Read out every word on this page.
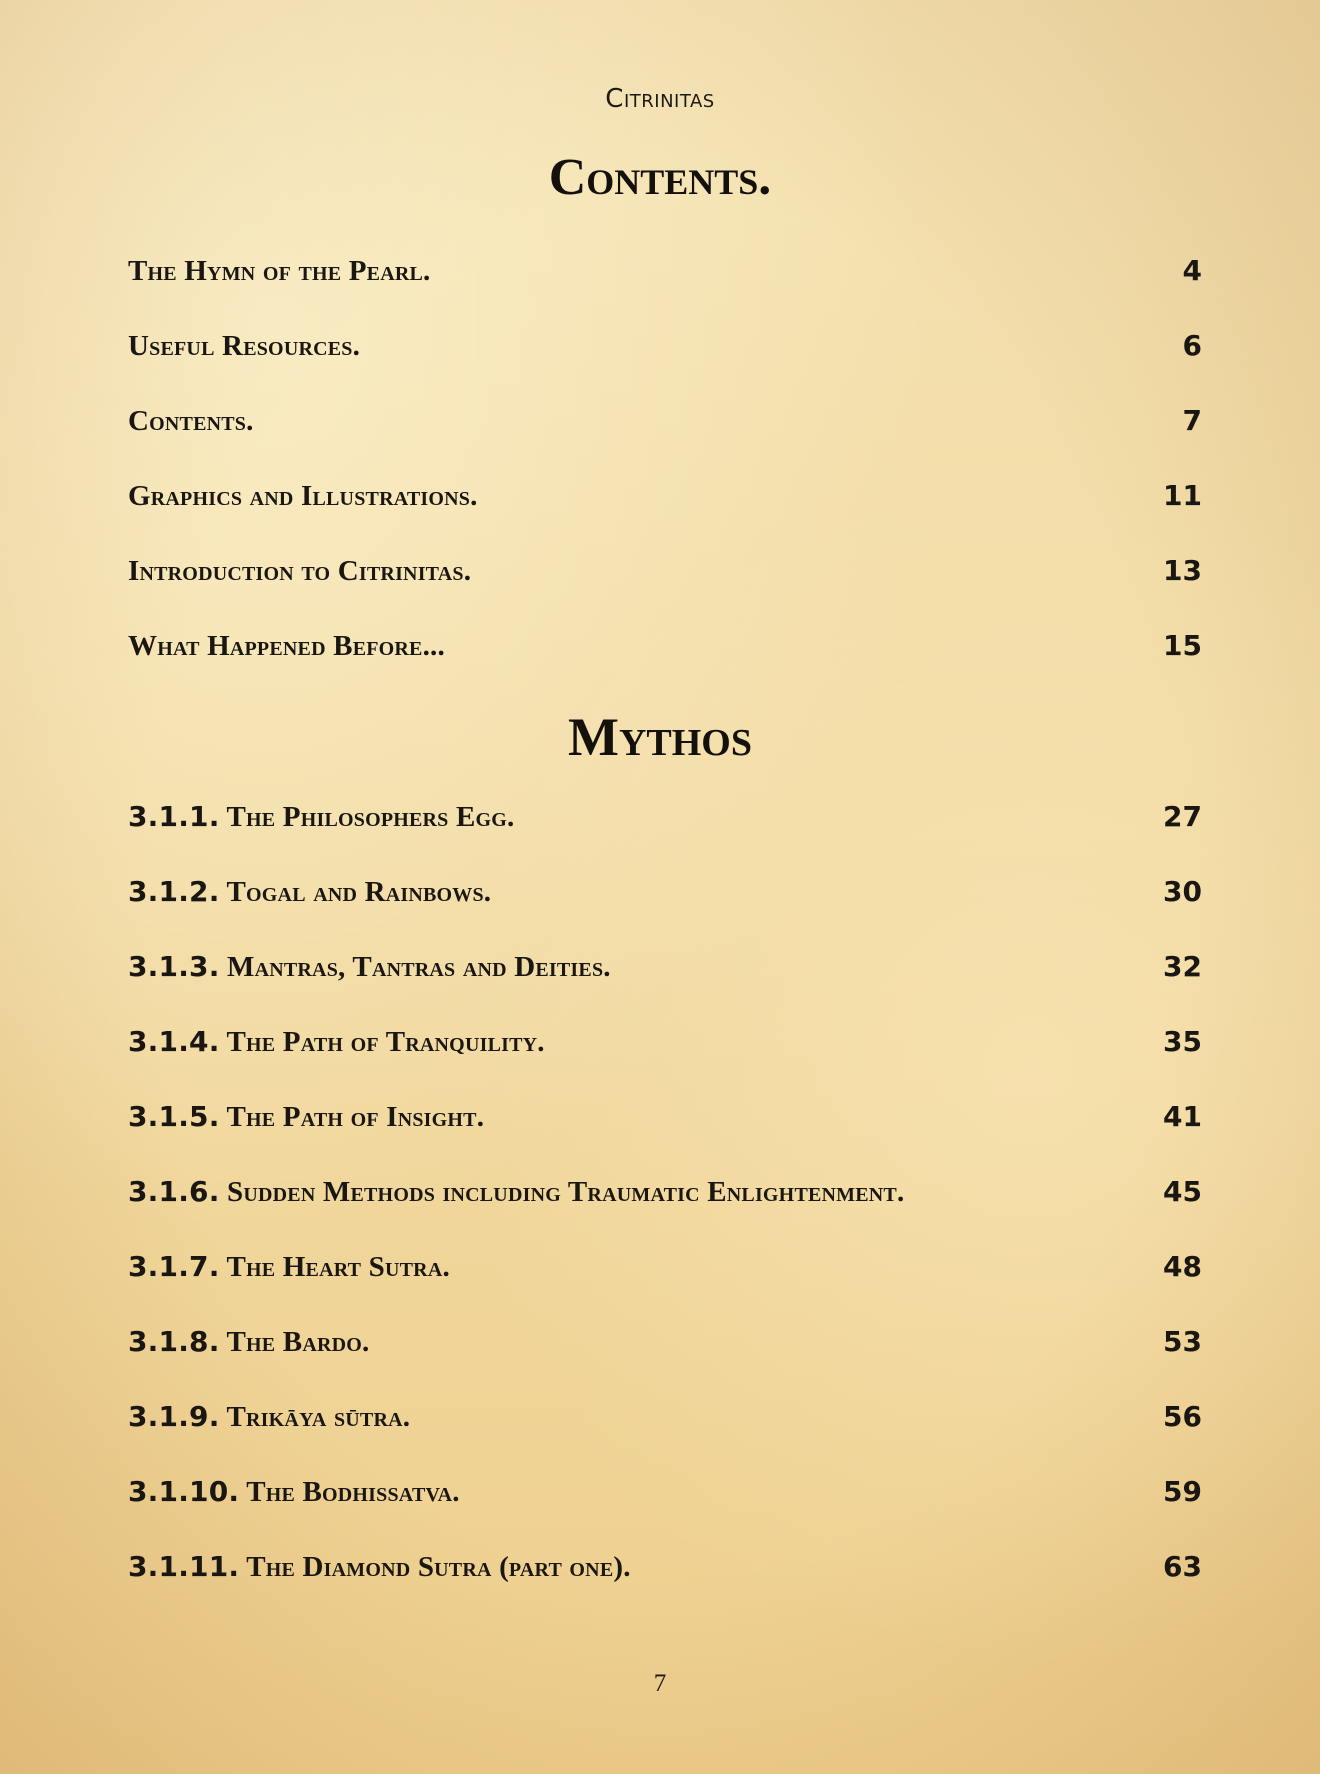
Citrinitas
Contents.
The Hymn of the Pearl.	4
Useful Resources.	6
Contents.	7
Graphics and Illustrations.	11
Introduction to Citrinitas.	13
What Happened Before...	15
Mythos
3.1.1. The Philosophers Egg.	27
3.1.2. Togal and Rainbows.	30
3.1.3. Mantras, Tantras and Deities.	32
3.1.4. The Path of Tranquility.	35
3.1.5. The Path of Insight.	41
3.1.6. Sudden Methods including Traumatic Enlightenment.	45
3.1.7. The Heart Sutra.	48
3.1.8. The Bardo.	53
3.1.9. Trikāya sūtra.	56
3.1.10. The Bodhissatva.	59
3.1.11. The Diamond Sutra (part one).	63
7
